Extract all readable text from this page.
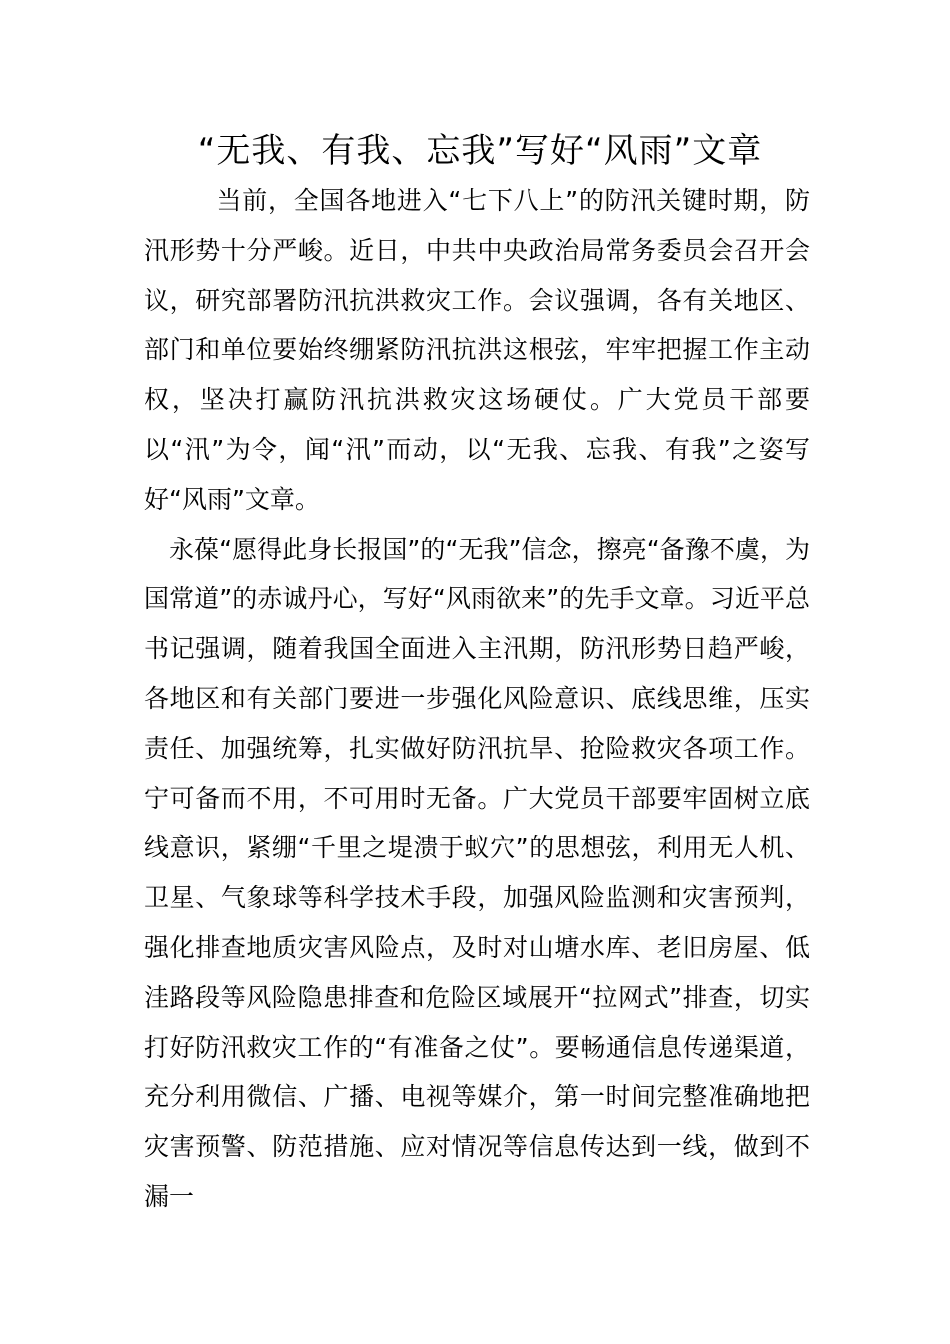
“无我、有我、忘我”写好“风雨”文章

当前，全国各地进入“七下八上”的防汛关键时期，防汛形势十分严峻。近日，中共中央政治局常务委员会召开会议，研究部署防汛抗洪救灾工作。会议强调，各有关地区、部门和单位要始终绷紧防汛抗洪这根弦，牢牢把握工作主动权，坚决打赢防汛抗洪救灾这场硬仗。广大党员干部要以“汛”为令，闻“汛”而动，以“无我、忘我、有我”之姿写好“风雨”文章。

永葆“愿得此身长报国”的“无我”信念，擦亮“备豫不虞，为国常道”的赤诚丹心，写好“风雨欲来”的先手文章。习近平总书记强调，随着我国全面进入主汛期，防汛形势日趋严峻，各地区和有关部门要进一步强化风险意识、底线思维，压实责任、加强统筹，扎实做好防汛抗旱、抢险救灾各项工作。宁可备而不用，不可用时无备。广大党员干部要牢固树立底线意识，紧绷“千里之堤溃于蚁穴”的思想弦，利用无人机、卫星、气象球等科学技术手段，加强风险监测和灾害预判，强化排查地质灾害风险点，及时对山塘水库、老旧房屋、低洼路段等风险隐患排查和危险区域展开“拉网式”排查，切实打好防汛救灾工作的“有准备之仗”。要畅通信息传递渠道，充分利用微信、广播、电视等媒介，第一时间完整准确地把灾害预警、防范措施、应对情况等信息传达到一线，做到不漏一
